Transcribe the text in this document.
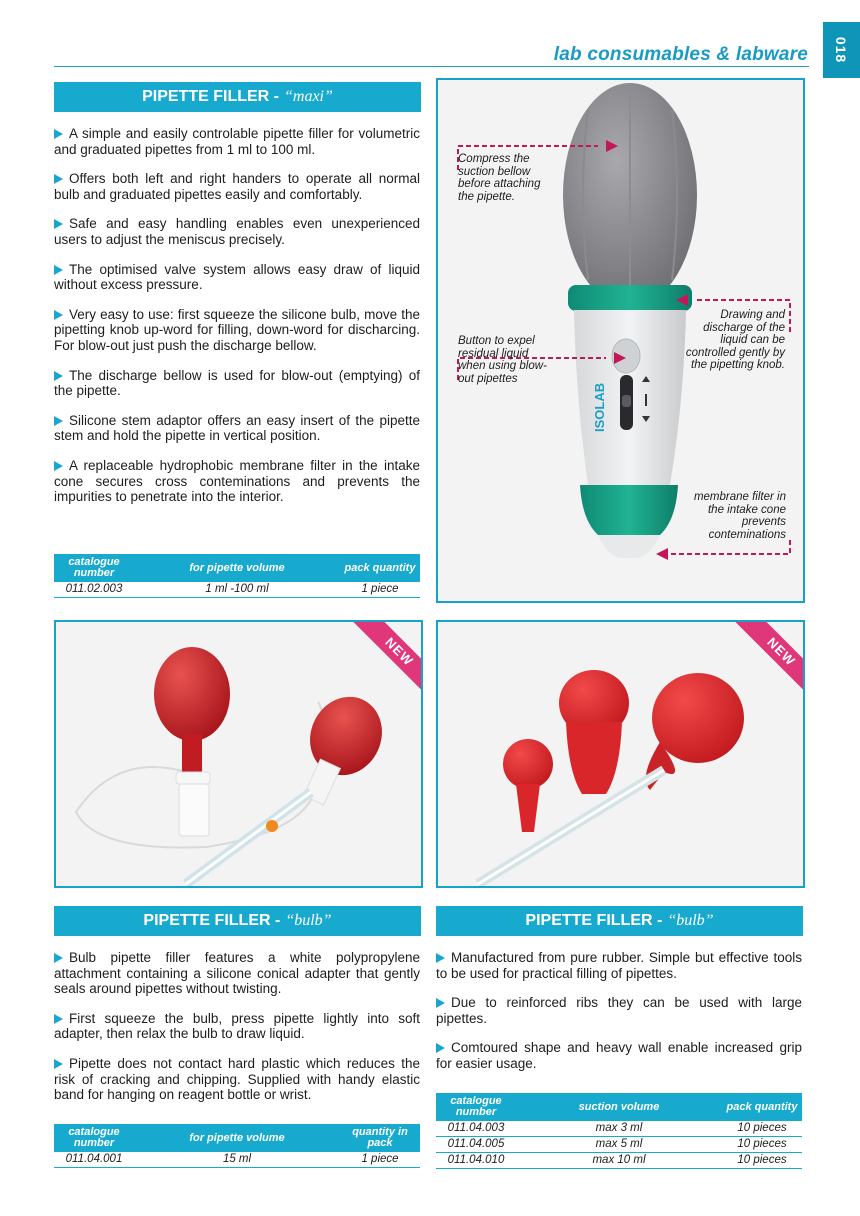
lab consumables & labware 018
PIPETTE FILLER - “maxi”

A simple and easily controlable pipette filler for volumetric and graduated pipettes from 1 ml to 100 ml.

Offers both left and right handers to operate all normal bulb and graduated pipettes easily and comfortably.

Safe and easy handling enables even unexperienced users to adjust the meniscus precisely.

The optimised valve system allows easy draw of liquid without excess pressure.

Very easy to use: first squeeze the silicone bulb, move the pipetting knob up-word for filling, down-word for discharcing. For blow-out just push the discharge bellow.

The discharge bellow is used for blow-out (emptying) of the pipette.

Silicone stem adaptor offers an easy insert of the pipette stem and hold the pipette in vertical position.

A replaceable hydrophobic membrane filter in the intake cone secures cross conteminations and prevents the impurities to penetrate into the interior.

catalogue number	for pipette volume	pack quantity
011.02.003	1 ml -100 ml	1 piece
ISOLAB
Compress the suction bellow before attaching the pipette.
Button to expel residual liquid when using blow-out pipettes
Drawing and discharge of the liquid can be controlled gently by the pipetting knob.
membrane filter in the intake cone prevents conteminations
NEW
PIPETTE FILLER - “bulb”

Bulb pipette filler features a white polypropylene attachment containing a silicone conical adapter that gently seals around pipettes without twisting.

First squeeze the bulb, press pipette lightly into soft adapter, then relax the bulb to draw liquid.

Pipette does not contact hard plastic which reduces the risk of cracking and chipping. Supplied with handy elastic band for hanging on reagent bottle or wrist.

catalogue number	for pipette volume	quantity in pack
011.04.001	15 ml	1 piece
NEW
PIPETTE FILLER - “bulb”

Manufactured from pure rubber. Simple but effective tools to be used for practical filling of pipettes.

Due to reinforced ribs they can be used with large pipettes.

Comtoured shape and heavy wall enable increased grip for easier usage.

catalogue number	suction volume	pack quantity
011.04.003	max 3 ml	10 pieces
011.04.005	max 5 ml	10 pieces
011.04.010	max 10 ml	10 pieces
